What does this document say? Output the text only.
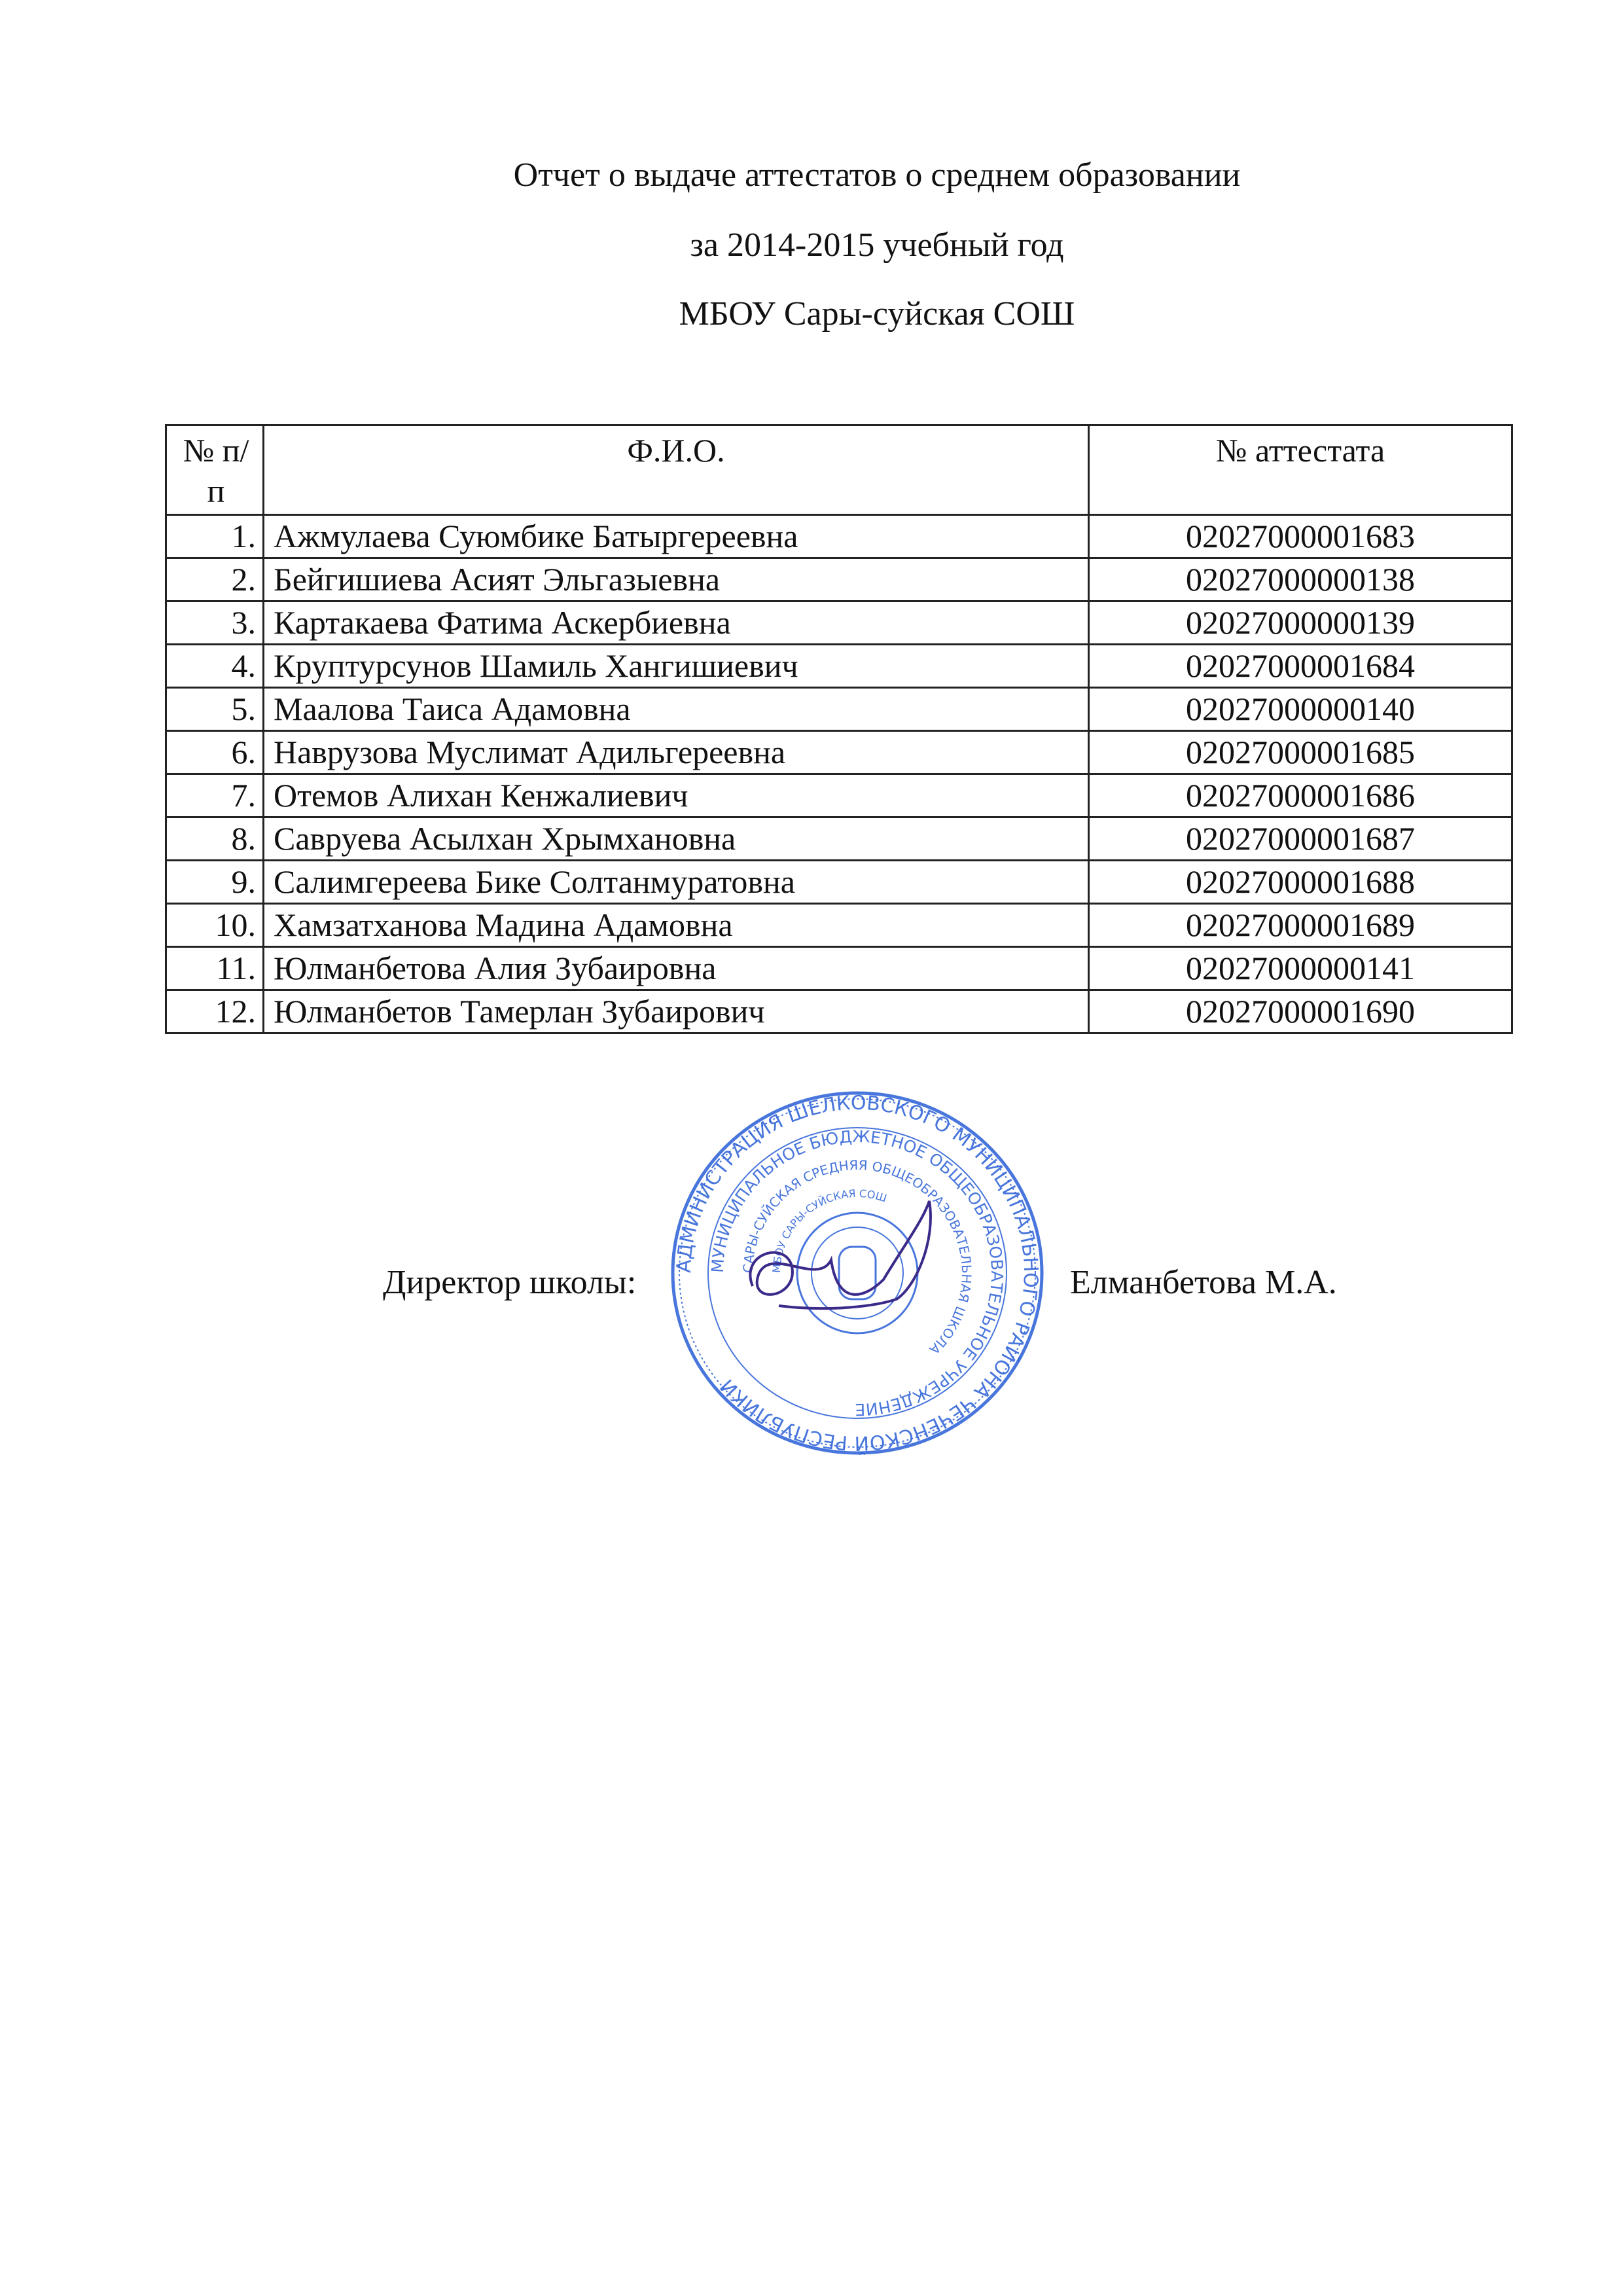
Отчет о выдаче аттестатов о среднем образовании
за 2014-2015 учебный год
МБОУ Сары-суйская СОШ
№ п/п	Ф.И.О.	№ аттестата
1.	Ажмулаева Суюмбике Батыргереевна	02027000001683
2.	Бейгишиева Асият Эльгазыевна	02027000000138
3.	Картакаева Фатима Аскербиевна	02027000000139
4.	Круптурсунов Шамиль Хангишиевич	02027000001684
5.	Маалова Таиса Адамовна	02027000000140
6.	Наврузова Муслимат Адильгереевна	02027000001685
7.	Отемов Алихан Кенжалиевич	02027000001686
8.	Савруева Асылхан Хрымхановна	02027000001687
9.	Салимгереева Бике Солтанмуратовна	02027000001688
10.	Хамзатханова Мадина Адамовна	02027000001689
11.	Юлманбетова Алия Зубаировна	02027000000141
12.	Юлманбетов Тамерлан Зубаирович	02027000001690
Директор школы: АДМИНИСТРАЦИЯ ШЕЛКОВСКОГО МУНИЦИПАЛЬНОГО РАЙОНА ЧЕЧЕНСКОЙ РЕСПУБЛИКИ
МУНИЦИПАЛЬНОЕ БЮДЖЕТНОЕ ОБЩЕОБРАЗОВАТЕЛЬНОЕ УЧРЕЖДЕНИЕ
САРЫ-СУЙСКАЯ СРЕДНЯЯ ОБЩЕОБРАЗОВАТЕЛЬНАЯ ШКОЛА
МБОУ САРЫ-СУЙСКАЯ СОШ
Елманбетова М.А.
